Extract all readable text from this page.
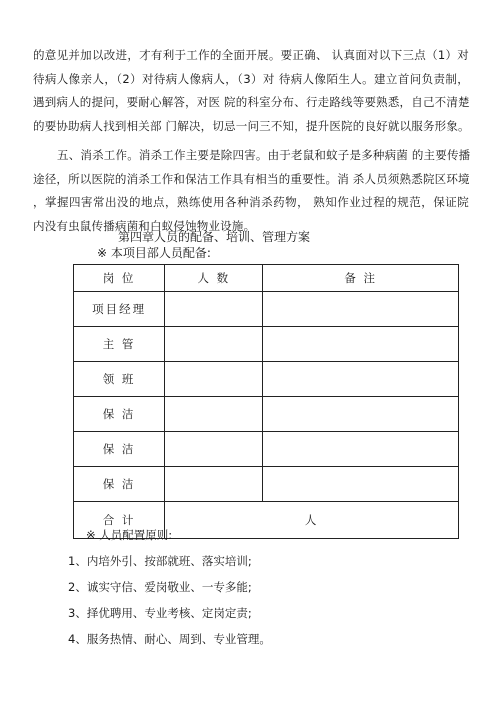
的意见并加以改进，才有利于工作的全面开展。要正确、 认真面对以下三点（1）对
待病人像亲人，（2）对待病人像病人，（3）对 待病人像陌生人。建立首问负责制，
遇到病人的提问，要耐心解答，对医 院的科室分布、行走路线等要熟悉，自己不清楚
的要协助病人找到相关部 门解决，切忌一问三不知，提升医院的良好就以服务形象。
五、消杀工作。消杀工作主要是除四害。由于老鼠和蚊子是多种病菌 的主要传播
途径，所以医院的消杀工作和保洁工作具有相当的重要性。消 杀人员须熟悉院区环境
，掌握四害常出没的地点，熟练使用各种消杀药物， 熟知作业过程的规范，保证院
内没有虫鼠传播病菌和白蚁侵蚀物业设施。
第四章人员的配备、培训、管理方案
※ 本项目部人员配备:
岗 位	人 数	备 注
项目经理		
主 管		
领 班		
保 洁		
保 洁		
保 洁		
合 计	人	
※ 人员配置原则:
1、内培外引、按部就班、落实培训;
2、诚实守信、爱岗敬业、一专多能;
3、择优聘用、专业考核、定岗定责;
4、服务热情、耐心、周到、专业管理。
